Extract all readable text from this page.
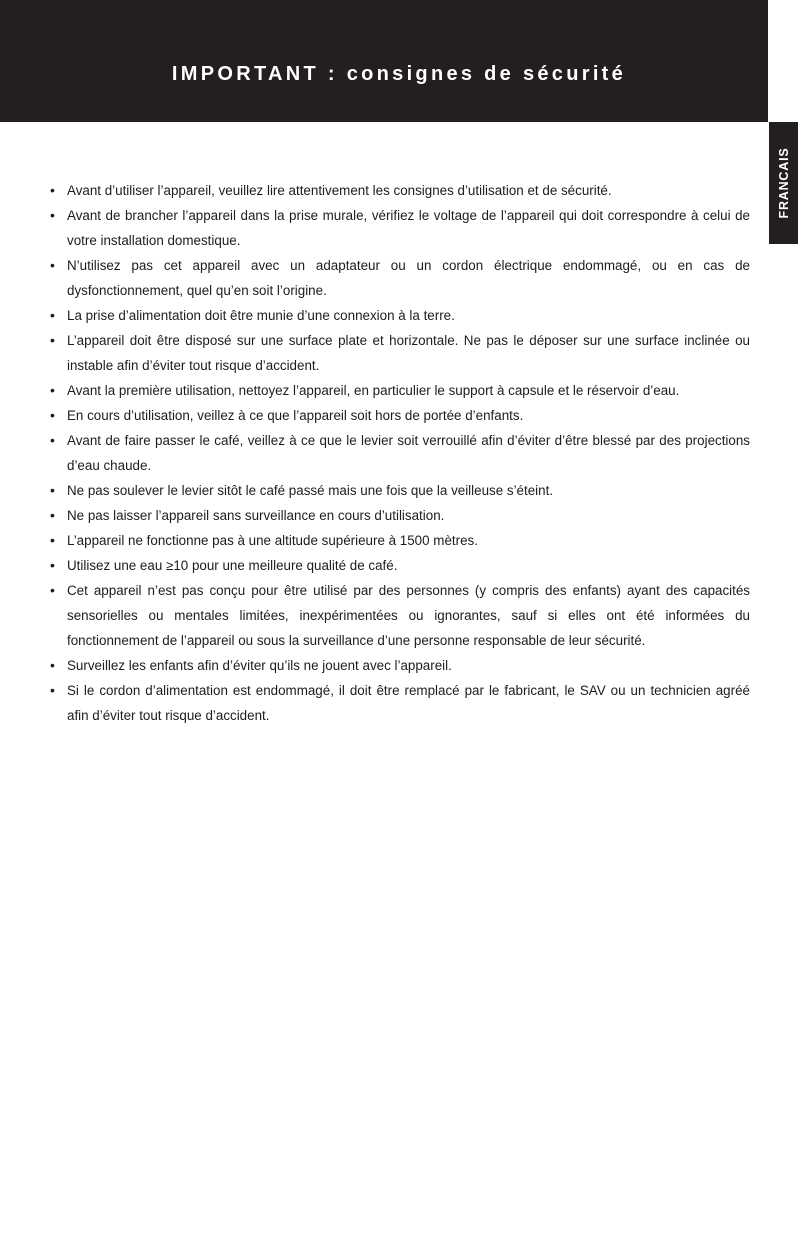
IMPORTANT : consignes de sécurité
FRANCAIS
• Avant d’utiliser l’appareil, veuillez lire attentivement les consignes d’utilisation et de sécurité.
• Avant de brancher l’appareil dans la prise murale, vérifiez le voltage de l’appareil qui doit correspondre à celui de votre installation domestique.
• N’utilisez pas cet appareil avec un adaptateur ou un cordon électrique endommagé, ou en cas de dysfonctionnement, quel qu’en soit l’origine.
• La prise d’alimentation doit être munie d’une connexion à la terre.
• L’appareil doit être disposé sur une surface plate et horizontale. Ne pas le déposer sur une surface inclinée ou instable afin d’éviter tout risque d’accident.
• Avant la première utilisation, nettoyez l’appareil, en particulier le support à capsule et le réservoir d’eau.
• En cours d’utilisation, veillez à ce que l’appareil soit hors de portée d’enfants.
• Avant de faire passer le café, veillez à ce que le levier soit verrouillé afin d’éviter d’être blessé par des projections d’eau chaude.
• Ne pas soulever le levier sitôt le café passé mais une fois que la veilleuse s’éteint.
• Ne pas laisser l’appareil sans surveillance en cours d’utilisation.
• L’appareil ne fonctionne pas à une altitude supérieure à 1500 mètres.
• Utilisez une eau ≥10 pour une meilleure qualité de café.
• Cet appareil n’est pas conçu pour être utilisé par des personnes (y compris des enfants) ayant des capacités sensorielles ou mentales limitées, inexpérimentées ou ignorantes, sauf si elles ont été informées du fonctionnement de l’appareil ou sous la surveillance d’une personne responsable de leur sécurité.
• Surveillez les enfants afin d’éviter qu’ils ne jouent avec l’appareil.
• Si le cordon d’alimentation est endommagé, il doit être remplacé par le fabricant, le SAV ou un technicien agréé afin d’éviter tout risque d’accident.
